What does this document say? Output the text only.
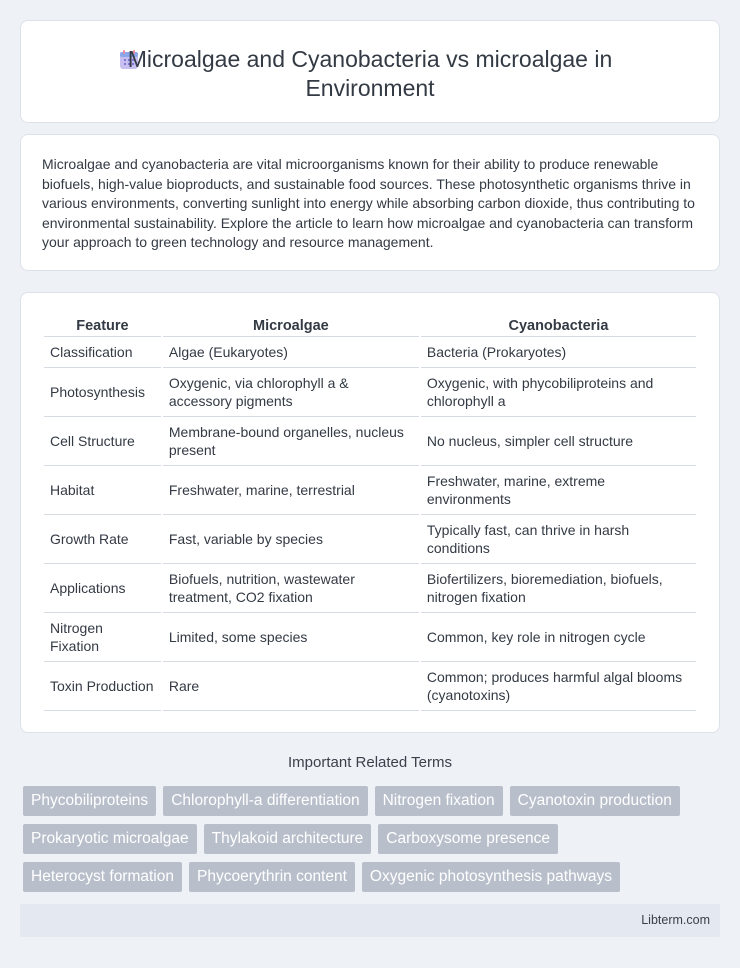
Microalgae and Cyanobacteria vs microalgae in Environment

Microalgae and cyanobacteria are vital microorganisms known for their ability to produce renewable biofuels, high-value bioproducts, and sustainable food sources. These photosynthetic organisms thrive in various environments, converting sunlight into energy while absorbing carbon dioxide, thus contributing to environmental sustainability. Explore the article to learn how microalgae and cyanobacteria can transform your approach to green technology and resource management.

Feature	Microalgae	Cyanobacteria
Classification	Algae (Eukaryotes)	Bacteria (Prokaryotes)
Photosynthesis	Oxygenic, via chlorophyll a & accessory pigments	Oxygenic, with phycobiliproteins and chlorophyll a
Cell Structure	Membrane-bound organelles, nucleus present	No nucleus, simpler cell structure
Habitat	Freshwater, marine, terrestrial	Freshwater, marine, extreme environments
Growth Rate	Fast, variable by species	Typically fast, can thrive in harsh conditions
Applications	Biofuels, nutrition, wastewater treatment, CO2 fixation	Biofertilizers, bioremediation, biofuels, nitrogen fixation
Nitrogen Fixation	Limited, some species	Common, key role in nitrogen cycle
Toxin Production	Rare	Common; produces harmful algal blooms (cyanotoxins)
Important Related Terms
Phycobiliproteins	Chlorophyll-a differentiation	Nitrogen fixation	Cyanotoxin production
Prokaryotic microalgae	Thylakoid architecture	Carboxysome presence
Heterocyst formation	Phycoerythrin content	Oxygenic photosynthesis pathways
Libterm.com
